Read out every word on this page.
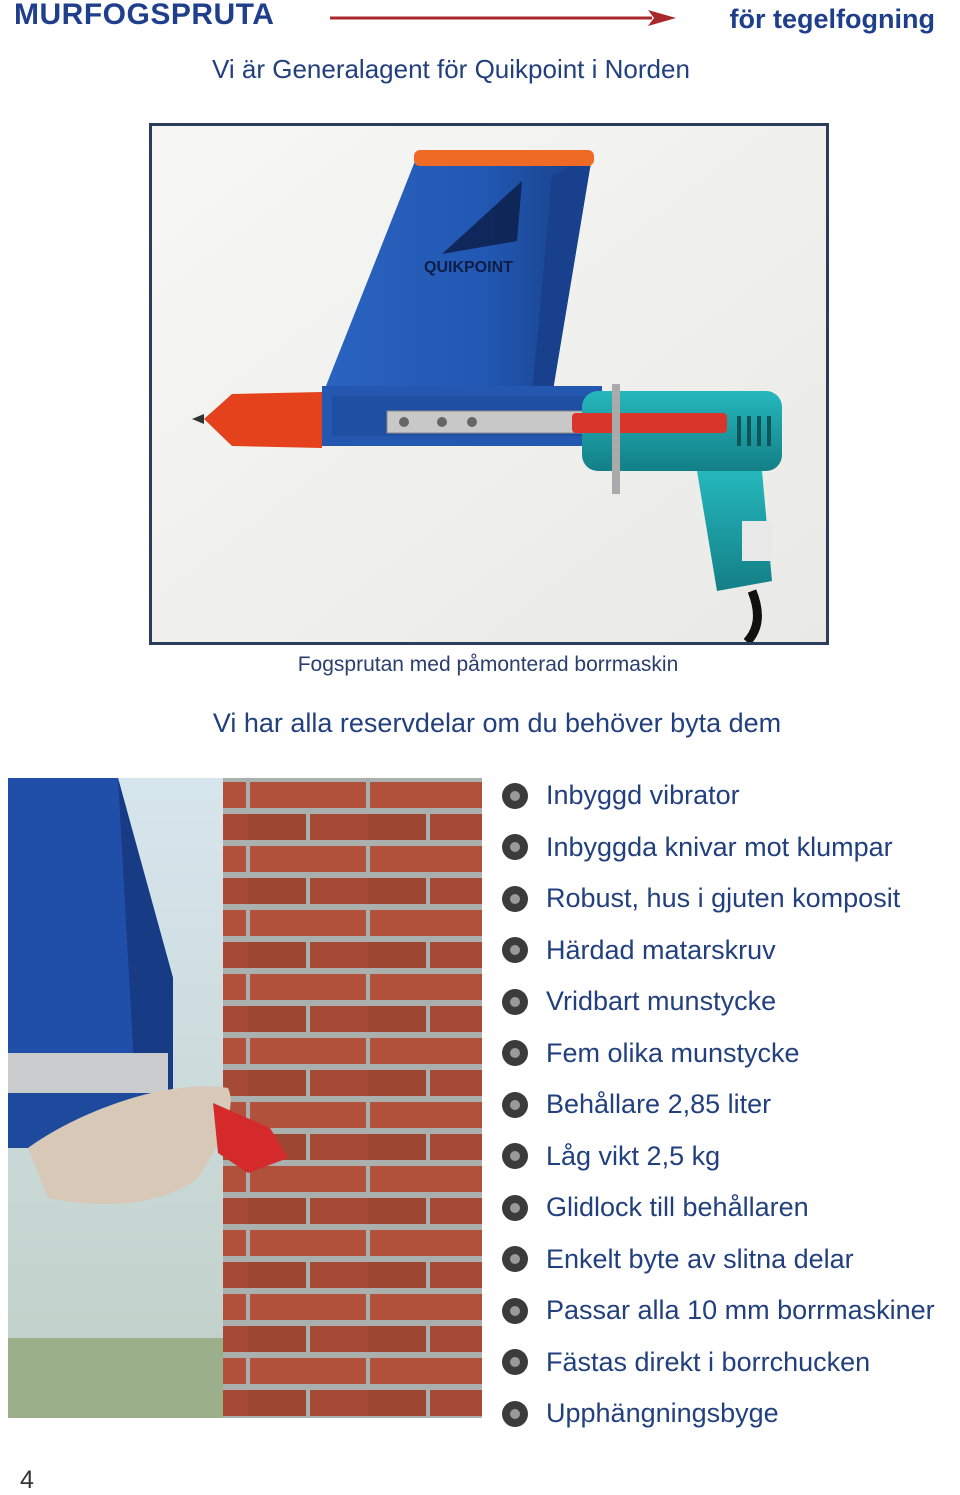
MURFOGSPRUTA	för tegelfogning
Vi är Generalagent för Quikpoint i Norden
QUIKPOINT
Fogsprutan med påmonterad borrmaskin
Vi har alla reservdelar om du behöver byta dem
Inbyggd vibrator
Inbyggda knivar mot klumpar
Robust, hus i gjuten komposit
Härdad matarskruv
Vridbart munstycke
Fem olika munstycke
Behållare 2,85 liter
Låg vikt 2,5 kg
Glidlock till behållaren
Enkelt byte av slitna delar
Passar alla 10 mm borrmaskiner
Fästas direkt i borrchucken
Upphängningsbyge
4
